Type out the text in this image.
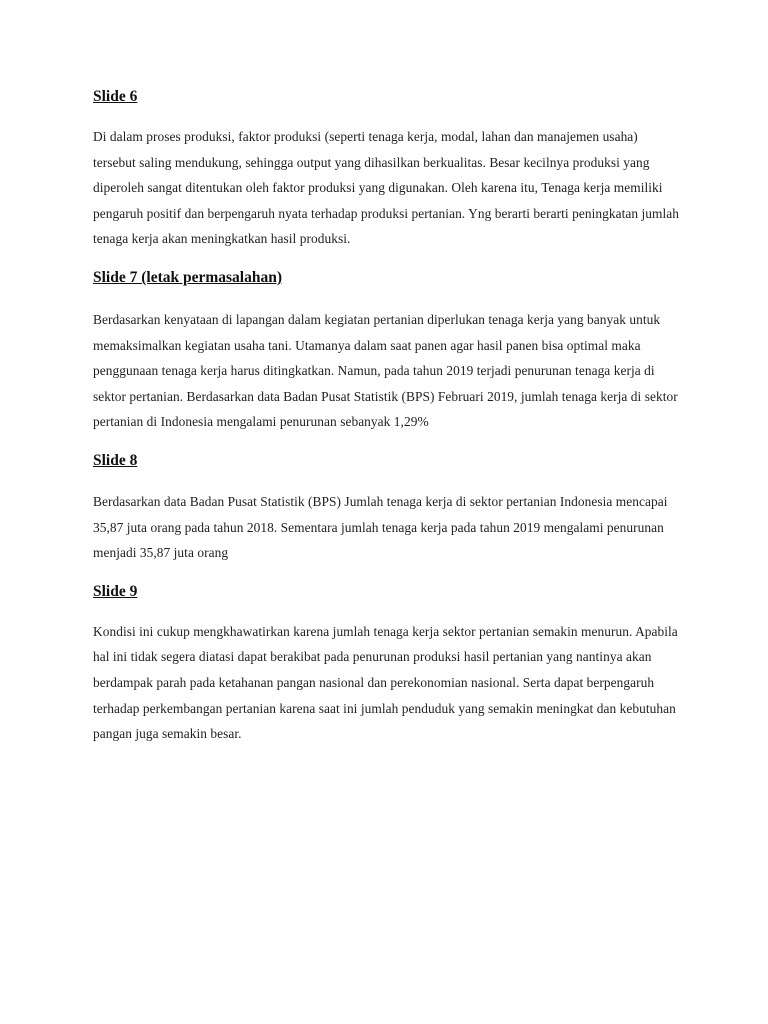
Slide 6

Di dalam proses produksi, faktor produksi (seperti tenaga kerja, modal, lahan dan manajemen usaha) tersebut saling mendukung, sehingga output yang dihasilkan berkualitas. Besar kecilnya produksi yang diperoleh sangat ditentukan oleh faktor produksi yang digunakan. Oleh karena itu, Tenaga kerja memiliki pengaruh positif dan berpengaruh nyata terhadap produksi pertanian. Yng berarti berarti peningkatan jumlah tenaga kerja akan meningkatkan hasil produksi.

Slide 7 (letak permasalahan)

Berdasarkan kenyataan di lapangan dalam kegiatan pertanian diperlukan tenaga kerja yang banyak untuk memaksimalkan kegiatan usaha tani. Utamanya dalam saat panen agar hasil panen bisa optimal maka penggunaan tenaga kerja harus ditingkatkan. Namun, pada tahun 2019 terjadi penurunan tenaga kerja di sektor pertanian. Berdasarkan data Badan Pusat Statistik (BPS) Februari 2019, jumlah tenaga kerja di sektor pertanian di Indonesia mengalami penurunan sebanyak 1,29%

Slide 8

Berdasarkan data Badan Pusat Statistik (BPS) Jumlah tenaga kerja di sektor pertanian Indonesia mencapai 35,87 juta orang pada tahun 2018. Sementara jumlah tenaga kerja pada tahun 2019 mengalami penurunan menjadi 35,87 juta orang

Slide 9

Kondisi ini cukup mengkhawatirkan karena jumlah tenaga kerja sektor pertanian semakin menurun. Apabila hal ini tidak segera diatasi dapat berakibat pada penurunan produksi hasil pertanian yang nantinya akan berdampak parah pada ketahanan pangan nasional dan perekonomian nasional. Serta dapat berpengaruh terhadap perkembangan pertanian karena saat ini jumlah penduduk yang semakin meningkat dan kebutuhan pangan juga semakin besar.
